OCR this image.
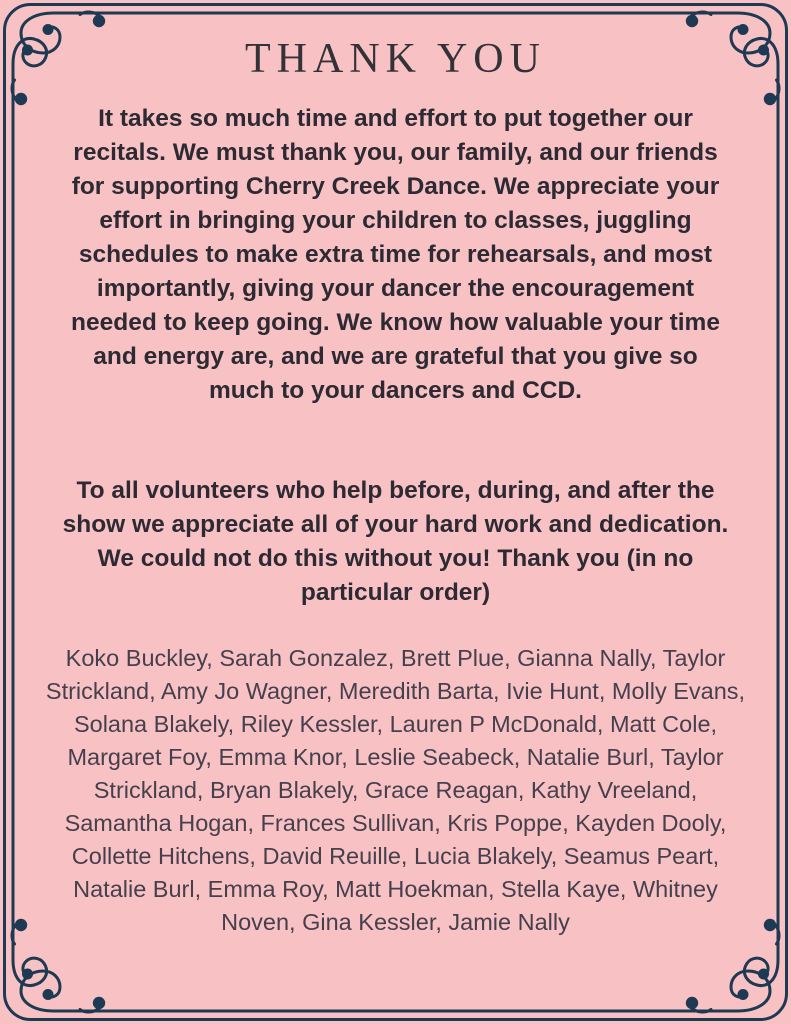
THANK YOU

It takes so much time and effort to put together our recitals. We must thank you, our family, and our friends for supporting Cherry Creek Dance. We appreciate your effort in bringing your children to classes, juggling schedules to make extra time for rehearsals, and most importantly, giving your dancer the encouragement needed to keep going. We know how valuable your time and energy are, and we are grateful that you give so much to your dancers and CCD.

To all volunteers who help before, during, and after the show we appreciate all of your hard work and dedication. We could not do this without you! Thank you (in no particular order)

Koko Buckley, Sarah Gonzalez, Brett Plue, Gianna Nally, Taylor Strickland, Amy Jo Wagner, Meredith Barta, Ivie Hunt, Molly Evans, Solana Blakely, Riley Kessler, Lauren P McDonald, Matt Cole, Margaret Foy, Emma Knor, Leslie Seabeck, Natalie Burl, Taylor Strickland, Bryan Blakely, Grace Reagan, Kathy Vreeland, Samantha Hogan, Frances Sullivan, Kris Poppe, Kayden Dooly, Collette Hitchens, David Reuille, Lucia Blakely, Seamus Peart, Natalie Burl, Emma Roy, Matt Hoekman, Stella Kaye, Whitney Noven, Gina Kessler, Jamie Nally
